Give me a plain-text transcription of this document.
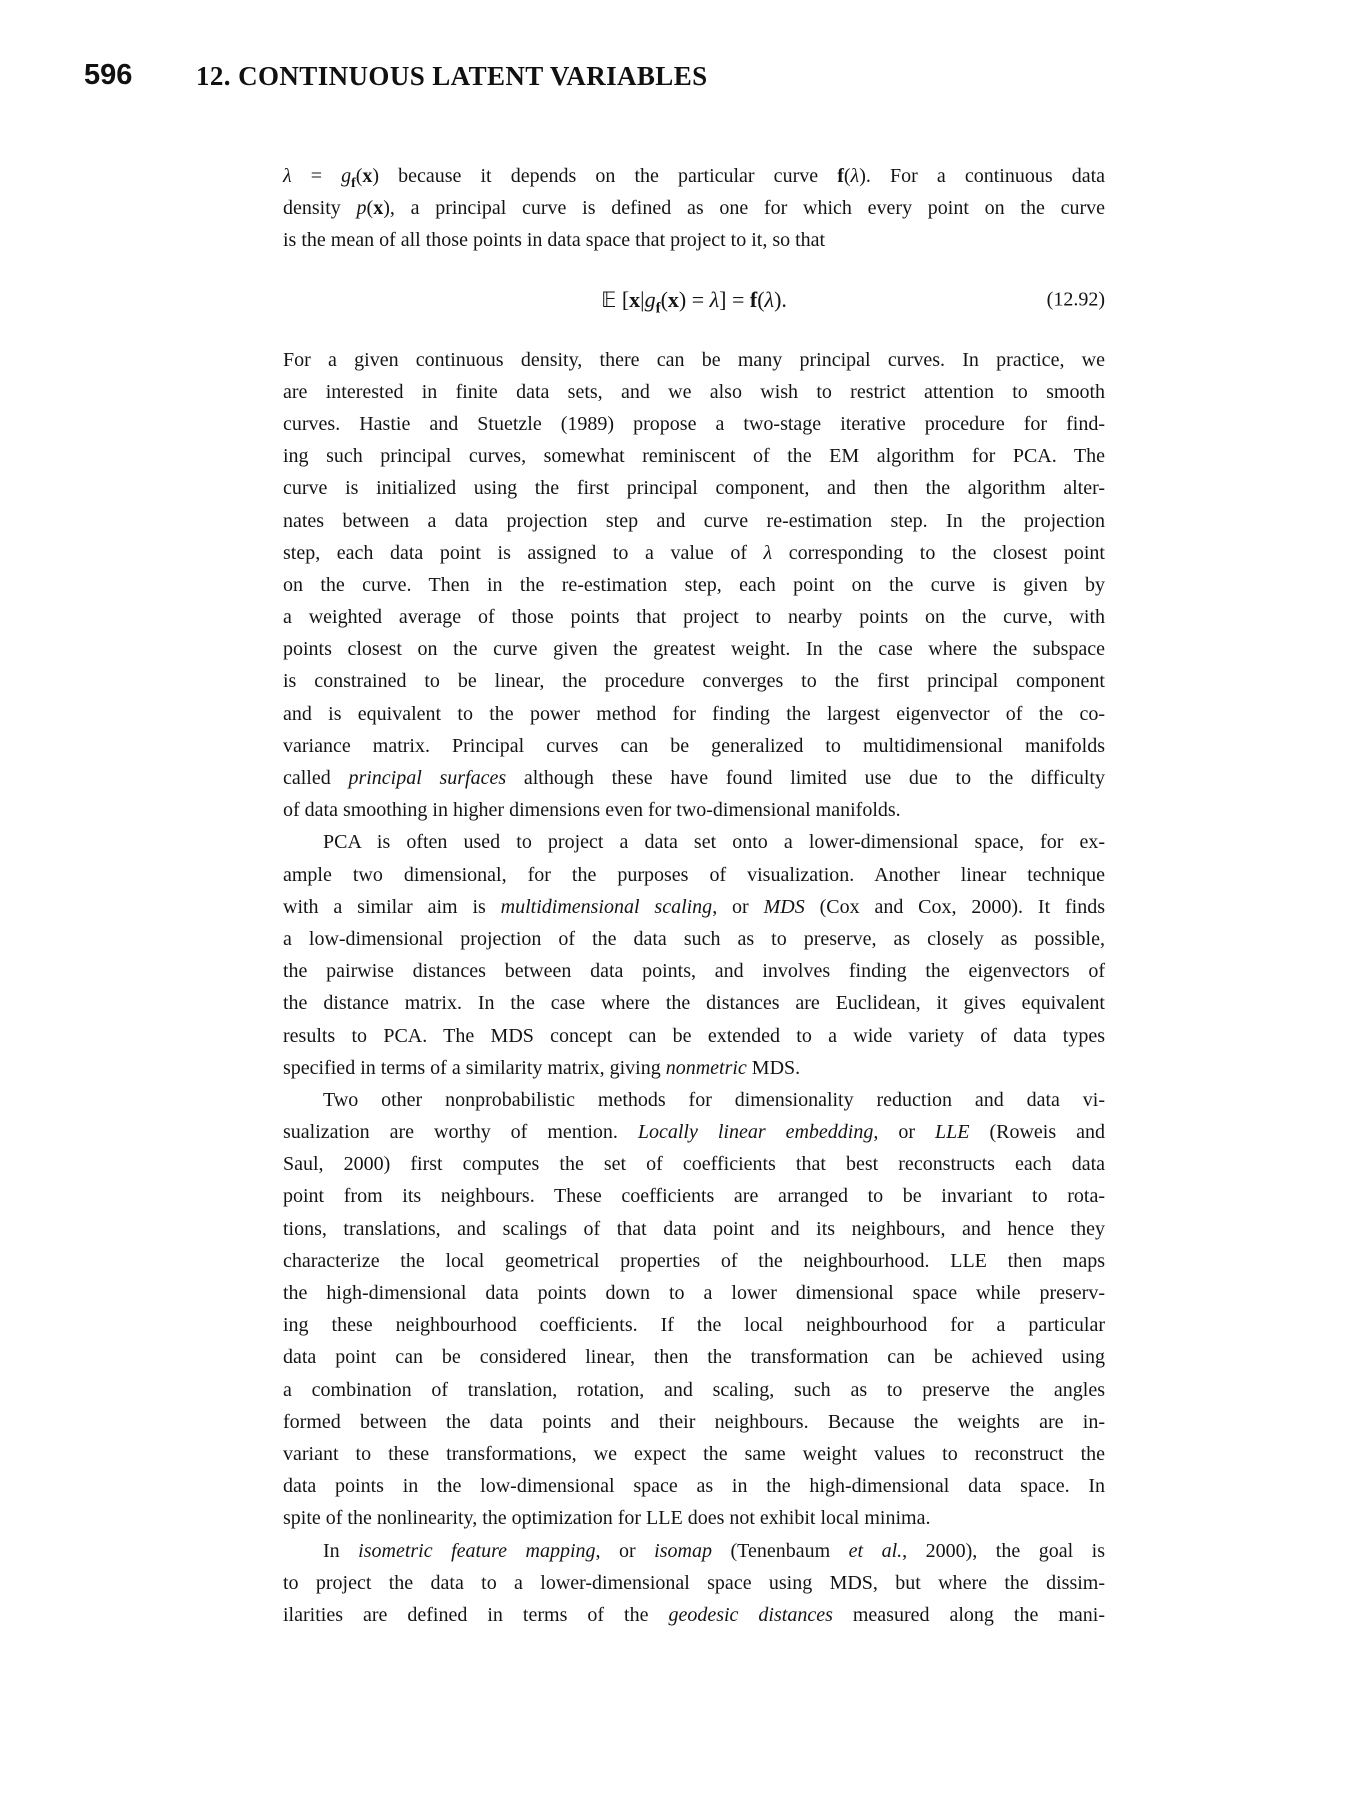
596 12. CONTINUOUS LATENT VARIABLES
$\lambda = g_f(x)$ because it depends on the particular curve f(λ). For a continuous data
density p(x), a principal curve is defined as one for which every point on the curve
is the mean of all those points in data space that project to it, so that
𝔼 $[x|g_f(x) = \lambda] = f(\lambda)$.	(12.92)
For a given continuous density, there can be many principal curves. In practice, we
are interested in finite data sets, and we also wish to restrict attention to smooth
curves. Hastie and Stuetzle (1989) propose a two-stage iterative procedure for find-
ing such principal curves, somewhat reminiscent of the EM algorithm for PCA. The
curve is initialized using the first principal component, and then the algorithm alter-
nates between a data projection step and curve re-estimation step. In the projection
step, each data point is assigned to a value of λ corresponding to the closest point
on the curve. Then in the re-estimation step, each point on the curve is given by
a weighted average of those points that project to nearby points on the curve, with
points closest on the curve given the greatest weight. In the case where the subspace
is constrained to be linear, the procedure converges to the first principal component
and is equivalent to the power method for finding the largest eigenvector of the co-
variance matrix. Principal curves can be generalized to multidimensional manifolds
called principal surfaces although these have found limited use due to the difficulty
of data smoothing in higher dimensions even for two-dimensional manifolds.
PCA is often used to project a data set onto a lower-dimensional space, for ex-
ample two dimensional, for the purposes of visualization. Another linear technique
with a similar aim is multidimensional scaling, or MDS (Cox and Cox, 2000). It finds
a low-dimensional projection of the data such as to preserve, as closely as possible,
the pairwise distances between data points, and involves finding the eigenvectors of
the distance matrix. In the case where the distances are Euclidean, it gives equivalent
results to PCA. The MDS concept can be extended to a wide variety of data types
specified in terms of a similarity matrix, giving nonmetric MDS.
Two other nonprobabilistic methods for dimensionality reduction and data vi-
sualization are worthy of mention. Locally linear embedding, or LLE (Roweis and
Saul, 2000) first computes the set of coefficients that best reconstructs each data
point from its neighbours. These coefficients are arranged to be invariant to rota-
tions, translations, and scalings of that data point and its neighbours, and hence they
characterize the local geometrical properties of the neighbourhood. LLE then maps
the high-dimensional data points down to a lower dimensional space while preserv-
ing these neighbourhood coefficients. If the local neighbourhood for a particular
data point can be considered linear, then the transformation can be achieved using
a combination of translation, rotation, and scaling, such as to preserve the angles
formed between the data points and their neighbours. Because the weights are in-
variant to these transformations, we expect the same weight values to reconstruct the
data points in the low-dimensional space as in the high-dimensional data space. In
spite of the nonlinearity, the optimization for LLE does not exhibit local minima.
In isometric feature mapping, or isomap (Tenenbaum et al., 2000), the goal is
to project the data to a lower-dimensional space using MDS, but where the dissim-
ilarities are defined in terms of the geodesic distances measured along the mani-
